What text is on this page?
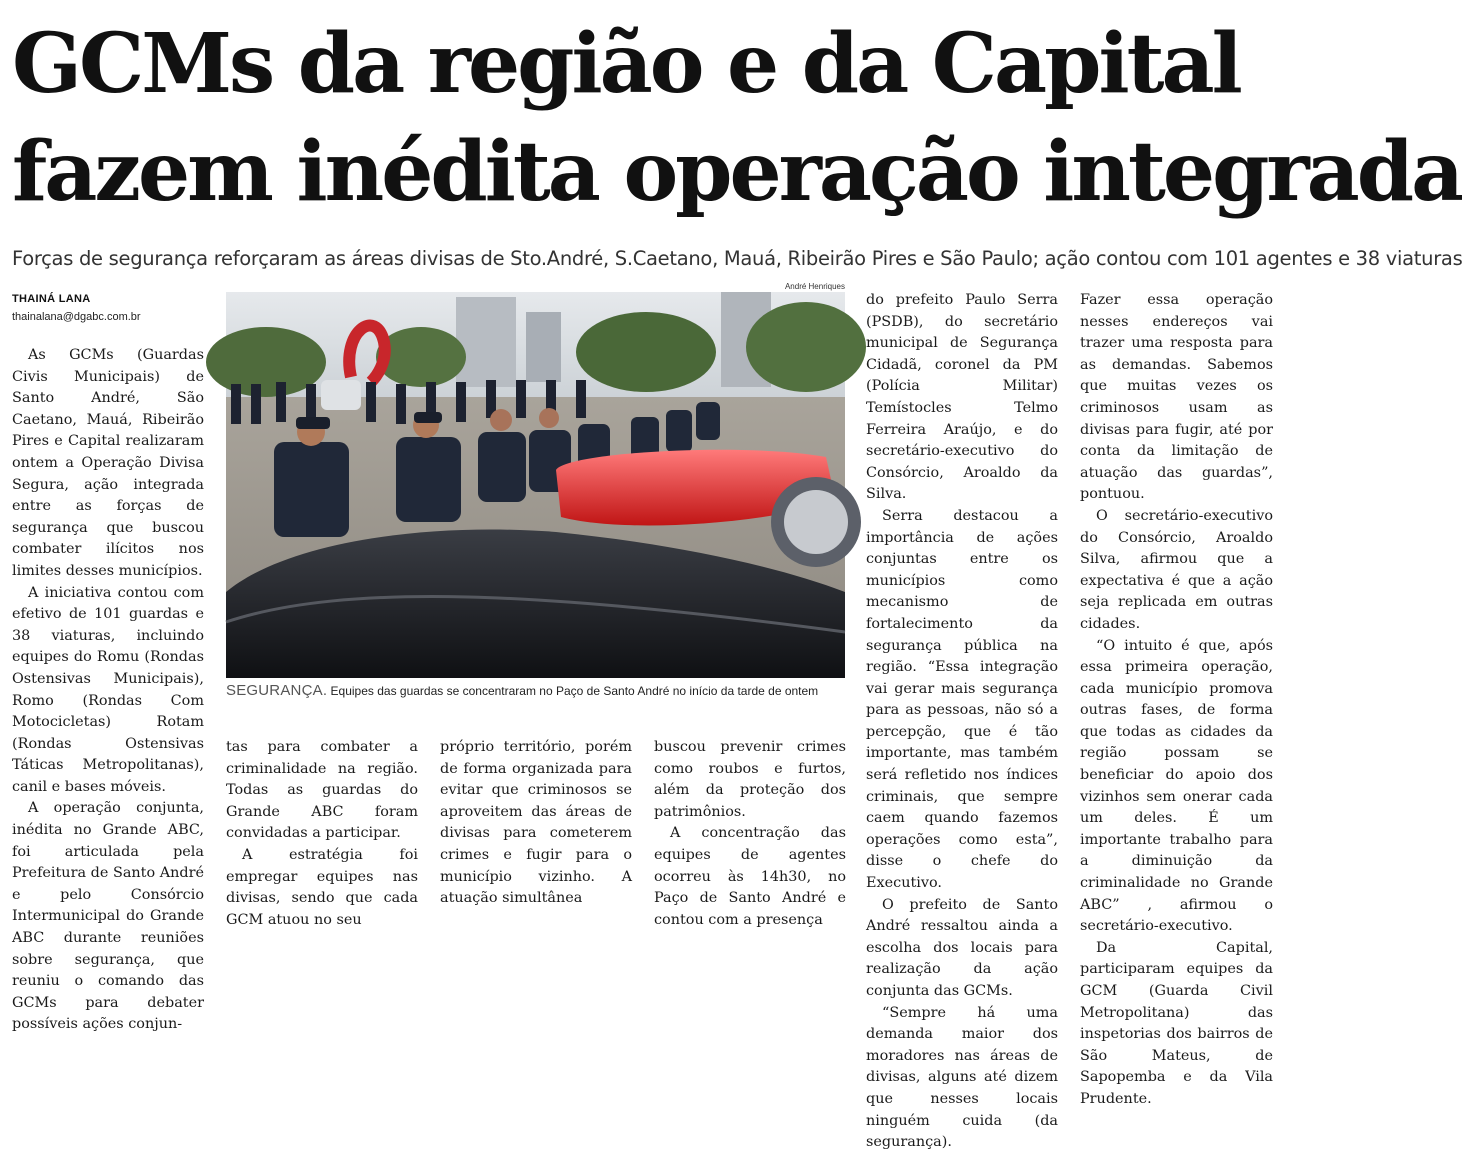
GCMs da região e da Capital
fazem inédita operação integrada
Forças de segurança reforçaram as áreas divisas de Sto.André, S.Caetano, Mauá, Ribeirão Pires e São Paulo; ação contou com 101 agentes e 38 viaturas
THAINÁ LANA
thainalana@dgabc.com.br

As GCMs (Guardas Civis Municipais) de Santo André, São Caetano, Mauá, Ribeirão Pires e Capital realizaram ontem a Operação Divisa Segura, ação integrada entre as forças de segurança que buscou combater ilícitos nos limites desses municípios.

A iniciativa contou com efetivo de 101 guardas e 38 viaturas, incluindo equipes do Romu (Rondas Ostensivas Municipais), Romo (Rondas Com Motocicletas) Rotam (Rondas Ostensivas Táticas Metropolitanas), canil e bases móveis.

A operação conjunta, inédita no Grande ABC, foi articulada pela Prefeitura de Santo André e pelo Consórcio Intermunicipal do Grande ABC durante reuniões sobre segurança, que reuniu o comando das GCMs para debater possíveis ações conjun-

André Henriques
SEGURANÇA. Equipes das guardas se concentraram no Paço de Santo André no início da tarde de ontem

tas para combater a criminalidade na região. Todas as guardas do Grande ABC foram convidadas a participar.

A estratégia foi empregar equipes nas divisas, sendo que cada GCM atuou no seu

próprio território, porém de forma organizada para evitar que criminosos se aproveitem das áreas de divisas para cometerem crimes e fugir para o município vizinho. A atuação simultânea

buscou prevenir crimes como roubos e furtos, além da proteção dos patrimônios.

A concentração das equipes de agentes ocorreu às 14h30, no Paço de Santo André e contou com a presença

do prefeito Paulo Serra (PSDB), do secretário municipal de Segurança Cidadã, coronel da PM (Polícia Militar) Temístocles Telmo Ferreira Araújo, e do secretário-executivo do Consórcio, Aroaldo da Silva.

Serra destacou a importância de ações conjuntas entre os municípios como mecanismo de fortalecimento da segurança pública na região. “Essa integração vai gerar mais segurança para as pessoas, não só a percepção, que é tão importante, mas também será refletido nos índices criminais, que sempre caem quando fazemos operações como esta”, disse o chefe do Executivo.

O prefeito de Santo André ressaltou ainda a escolha dos locais para realização da ação conjunta das GCMs.

“Sempre há uma demanda maior dos moradores nas áreas de divisas, alguns até dizem que nesses locais ninguém cuida (da segurança).

Fazer essa operação nesses endereços vai trazer uma resposta para as demandas. Sabemos que muitas vezes os criminosos usam as divisas para fugir, até por conta da limitação de atuação das guardas”, pontuou.

O secretário-executivo do Consórcio, Aroaldo Silva, afirmou que a expectativa é que a ação seja replicada em outras cidades.

“O intuito é que, após essa primeira operação, cada município promova outras fases, de forma que todas as cidades da região possam se beneficiar do apoio dos vizinhos sem onerar cada um deles. É um importante trabalho para a diminuição da criminalidade no Grande ABC” , afirmou o secretário-executivo.

Da Capital, participaram equipes da GCM (Guarda Civil Metropolitana) das inspetorias dos bairros de São Mateus, de Sapopemba e da Vila Prudente.
